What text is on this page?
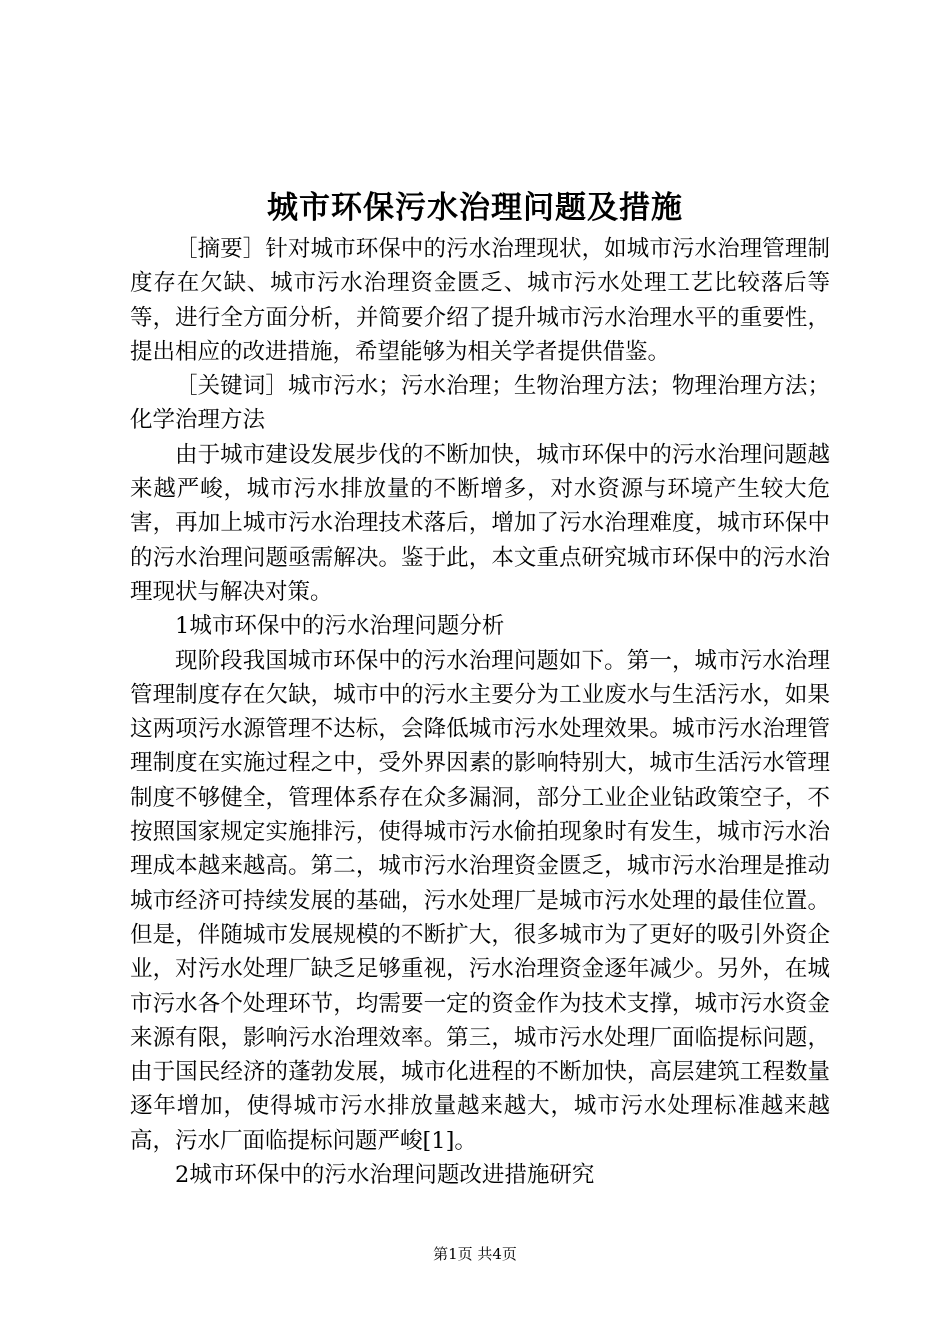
城市环保污水治理问题及措施

［摘要］针对城市环保中的污水治理现状，如城市污水治理管理制度存在欠缺、城市污水治理资金匮乏、城市污水处理工艺比较落后等等，进行全方面分析，并简要介绍了提升城市污水治理水平的重要性，提出相应的改进措施，希望能够为相关学者提供借鉴。

［关键词］城市污水；污水治理；生物治理方法；物理治理方法；化学治理方法

由于城市建设发展步伐的不断加快，城市环保中的污水治理问题越来越严峻，城市污水排放量的不断增多，对水资源与环境产生较大危害，再加上城市污水治理技术落后，增加了污水治理难度，城市环保中的污水治理问题亟需解决。鉴于此，本文重点研究城市环保中的污水治理现状与解决对策。

1城市环保中的污水治理问题分析

现阶段我国城市环保中的污水治理问题如下。第一，城市污水治理管理制度存在欠缺，城市中的污水主要分为工业废水与生活污水，如果这两项污水源管理不达标，会降低城市污水处理效果。城市污水治理管理制度在实施过程之中，受外界因素的影响特别大，城市生活污水管理制度不够健全，管理体系存在众多漏洞，部分工业企业钻政策空子，不按照国家规定实施排污，使得城市污水偷拍现象时有发生，城市污水治理成本越来越高。第二，城市污水治理资金匮乏，城市污水治理是推动城市经济可持续发展的基础，污水处理厂是城市污水处理的最佳位置。但是，伴随城市发展规模的不断扩大，很多城市为了更好的吸引外资企业，对污水处理厂缺乏足够重视，污水治理资金逐年减少。另外，在城市污水各个处理环节，均需要一定的资金作为技术支撑，城市污水资金来源有限，影响污水治理效率。第三，城市污水处理厂面临提标问题，由于国民经济的蓬勃发展，城市化进程的不断加快，高层建筑工程数量逐年增加，使得城市污水排放量越来越大，城市污水处理标准越来越高，污水厂面临提标问题严峻[1]。

2城市环保中的污水治理问题改进措施研究

第1页 共4页
